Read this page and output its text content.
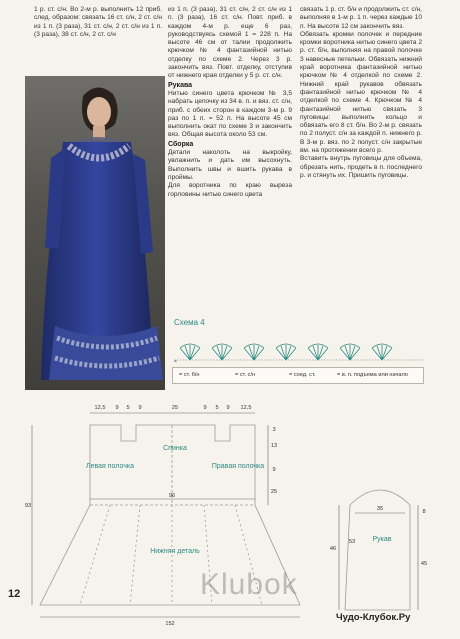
1 р. ст. с/н. Во 2-м р. выполнить 12 приб. след. образом: связать 16 ст. с/н, 2 ст. с/н из 1 п. (3 раза), 31 ст. с/н, 2 ст. с/н из 1 п. (3 раза), 38 ст. с/н, 2 ст. с/н

из 1 п. (3 раза), 31 ст. с/н, 2 ст. с/н из 1 п. (3 раза), 16 ст. с/н. Повт. приб. в каждом 4-м р. еще 6 раз, руководствуясь схемой 1 = 228 п. На высоте 46 см от талии продолжить крючком № 4 фантазийной нитью отделку по схеме 2. Через 3 р. закончить вяз. Повт. отделку, отступив от нижнего края отделки у 5 р. ст. с/н.

Рукава

Нитью синего цвета крючком № 3,5 набрать цепочку из 34 в. п. и вяз. ст. с/н, приб. с обеих сторон в каждом 3-м р. 9 раз по 1 п. = 52 п. На высоте 45 см выполнить окат по схеме 3 и закончить вяз. Общая высота около 53 см.

Сборка

Детали наколоть на выкройку, увлажнить и дать им высохнуть. Выполнить швы и вшить рукава в проймы.
Для воротника по краю выреза горловины нитью синего цвета

связать 1 р. ст. б/н и продолжить ст. с/н, выполняя в 1-м р. 1 п. через каждые 10 п. На высоте 12 см закончить вяз.
Обвязать кромки полочек и передние кромки воротника нитью синего цвета 2 р. ст. б/н, выполняя на правой полочке 3 навесные петельки. Обвязать нижний край воротника фантазийной нитью крючком № 4 отделкой по схеме 2. Нижний край рукавов обвязать фантазийной нитью крючком № 4 отделкой по схеме 4. Крючком № 4 фантазийной нитью связать 3 пуговицы: выполнить кольцо и обвязать его 8 ст. б/н. Во 2-м р. связать по 2 полуст. с/н за каждой п. нижнего р. В 3-м р. вяз. по 2 полуст. с/н закрытые вм. на протяжении всего р.
Вставить внутрь пуговицы для объема, обрезать нить, продеть в п. последнего р. и стянуть их. Пришить пуговицы.

Схема 4
×
= ст. б/н	= ст. с/н	= соед. ст.	= в. п. подъема или начало
12,5 9 5 9	25	9 5 9 12,5
96
152
93
3
13
9
25
35	8
45
46
53
Спинка
Левая полочка	Правая полочка
Нижняя деталь
Рукав
12	Klubok
Чудо-Клубок.Ру
